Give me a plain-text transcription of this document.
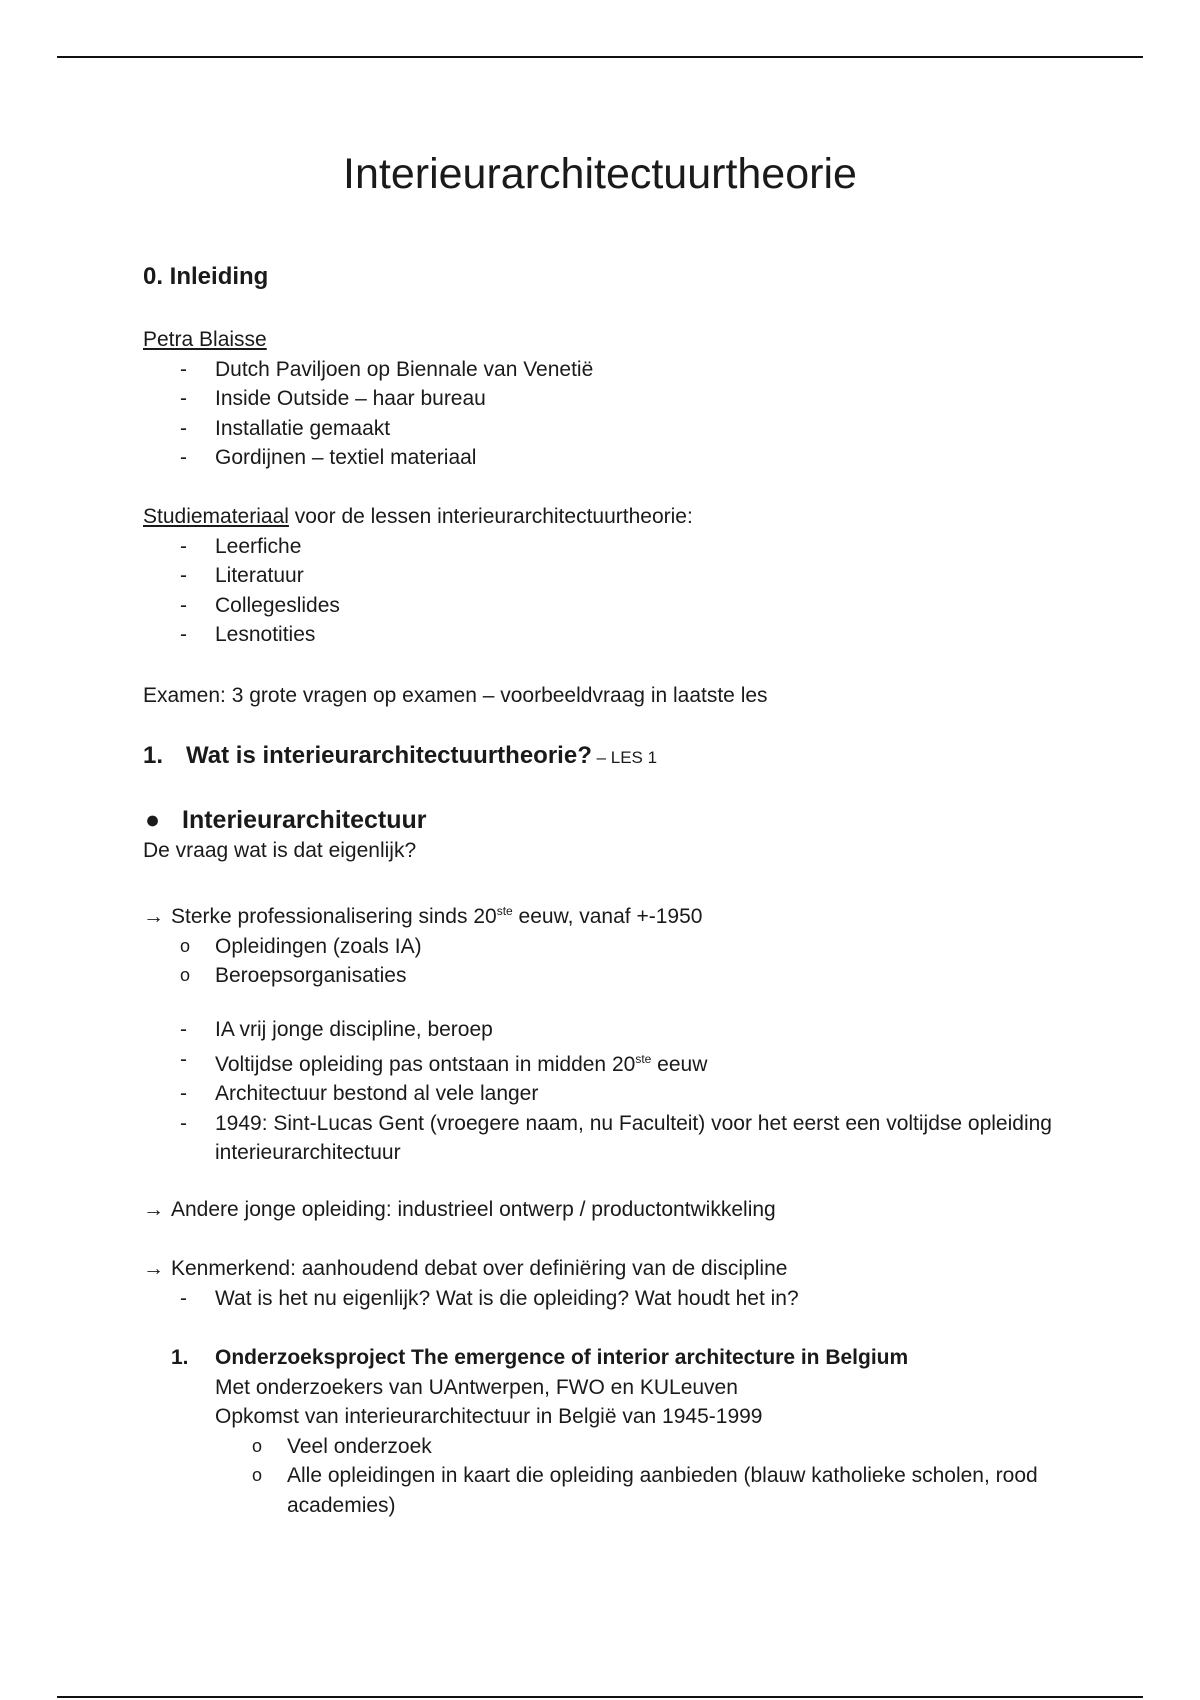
Interieurarchitectuurtheorie
0. Inleiding
Petra Blaisse
- Dutch Paviljoen op Biennale van Venetië
- Inside Outside – haar bureau
- Installatie gemaakt
- Gordijnen – textiel materiaal
Studiemateriaal voor de lessen interieurarchitectuurtheorie:
- Leerfiche
- Literatuur
- Collegeslides
- Lesnotities
Examen: 3 grote vragen op examen – voorbeeldvraag in laatste les
1. Wat is interieurarchitectuurtheorie? – LES 1
● Interieurarchitectuur
De vraag wat is dat eigenlijk?
→ Sterke professionalisering sinds 20ste eeuw, vanaf +-1950
o Opleidingen (zoals IA)
o Beroepsorganisaties
- IA vrij jonge discipline, beroep
- Voltijdse opleiding pas ontstaan in midden 20ste eeuw
- Architectuur bestond al vele langer
- 1949: Sint-Lucas Gent (vroegere naam, nu Faculteit) voor het eerst een voltijdse opleiding interieurarchitectuur
→ Andere jonge opleiding: industrieel ontwerp / productontwikkeling
→ Kenmerkend: aanhoudend debat over definiëring van de discipline
- Wat is het nu eigenlijk? Wat is die opleiding? Wat houdt het in?
1. Onderzoeksproject The emergence of interior architecture in Belgium
Met onderzoekers van UAntwerpen, FWO en KULeuven
Opkomst van interieurarchitectuur in België van 1945-1999
o Veel onderzoek
o Alle opleidingen in kaart die opleiding aanbieden (blauw katholieke scholen, rood academies)
